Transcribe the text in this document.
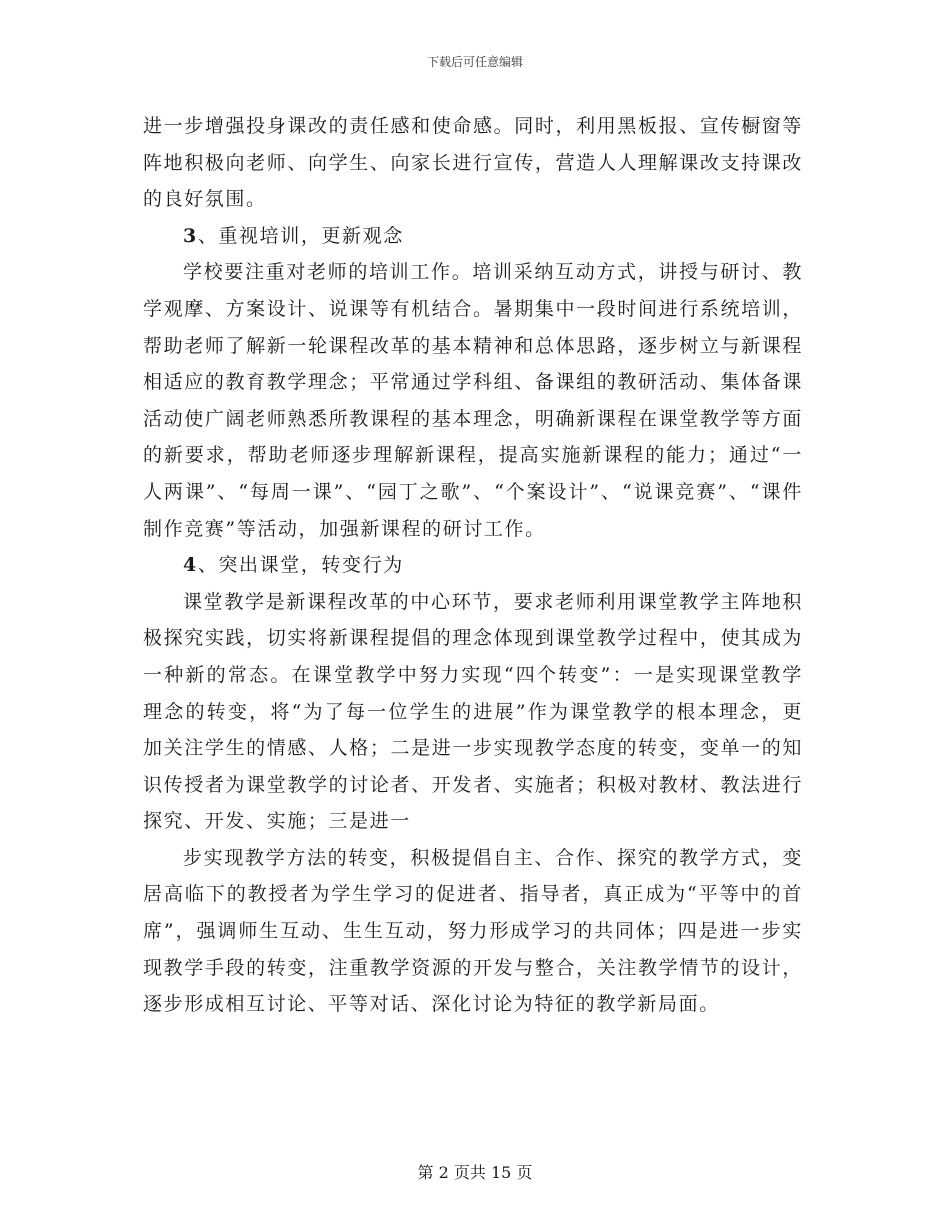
下载后可任意编辑

进一步增强投身课改的责任感和使命感。同时，利用黑板报、宣传橱窗等阵地积极向老师、向学生、向家长进行宣传，营造人人理解课改支持课改的良好氛围。

3、重视培训，更新观念

学校要注重对老师的培训工作。培训采纳互动方式，讲授与研讨、教学观摩、方案设计、说课等有机结合。暑期集中一段时间进行系统培训，帮助老师了解新一轮课程改革的基本精神和总体思路，逐步树立与新课程相适应的教育教学理念；平常通过学科组、备课组的教研活动、集体备课活动使广阔老师熟悉所教课程的基本理念，明确新课程在课堂教学等方面的新要求，帮助老师逐步理解新课程，提高实施新课程的能力；通过“一人两课”、“每周一课”、“园丁之歌”、“个案设计”、“说课竞赛”、“课件制作竞赛”等活动，加强新课程的研讨工作。

4、突出课堂，转变行为

课堂教学是新课程改革的中心环节，要求老师利用课堂教学主阵地积极探究实践，切实将新课程提倡的理念体现到课堂教学过程中，使其成为一种新的常态。在课堂教学中努力实现“四个转变”：一是实现课堂教学理念的转变，将“为了每一位学生的进展”作为课堂教学的根本理念，更加关注学生的情感、人格；二是进一步实现教学态度的转变，变单一的知识传授者为课堂教学的讨论者、开发者、实施者；积极对教材、教法进行探究、开发、实施；三是进一

步实现教学方法的转变，积极提倡自主、合作、探究的教学方式，变居高临下的教授者为学生学习的促进者、指导者，真正成为“平等中的首席”，强调师生互动、生生互动，努力形成学习的共同体；四是进一步实现教学手段的转变，注重教学资源的开发与整合，关注教学情节的设计，逐步形成相互讨论、平等对话、深化讨论为特征的教学新局面。

第 2 页共 15 页
